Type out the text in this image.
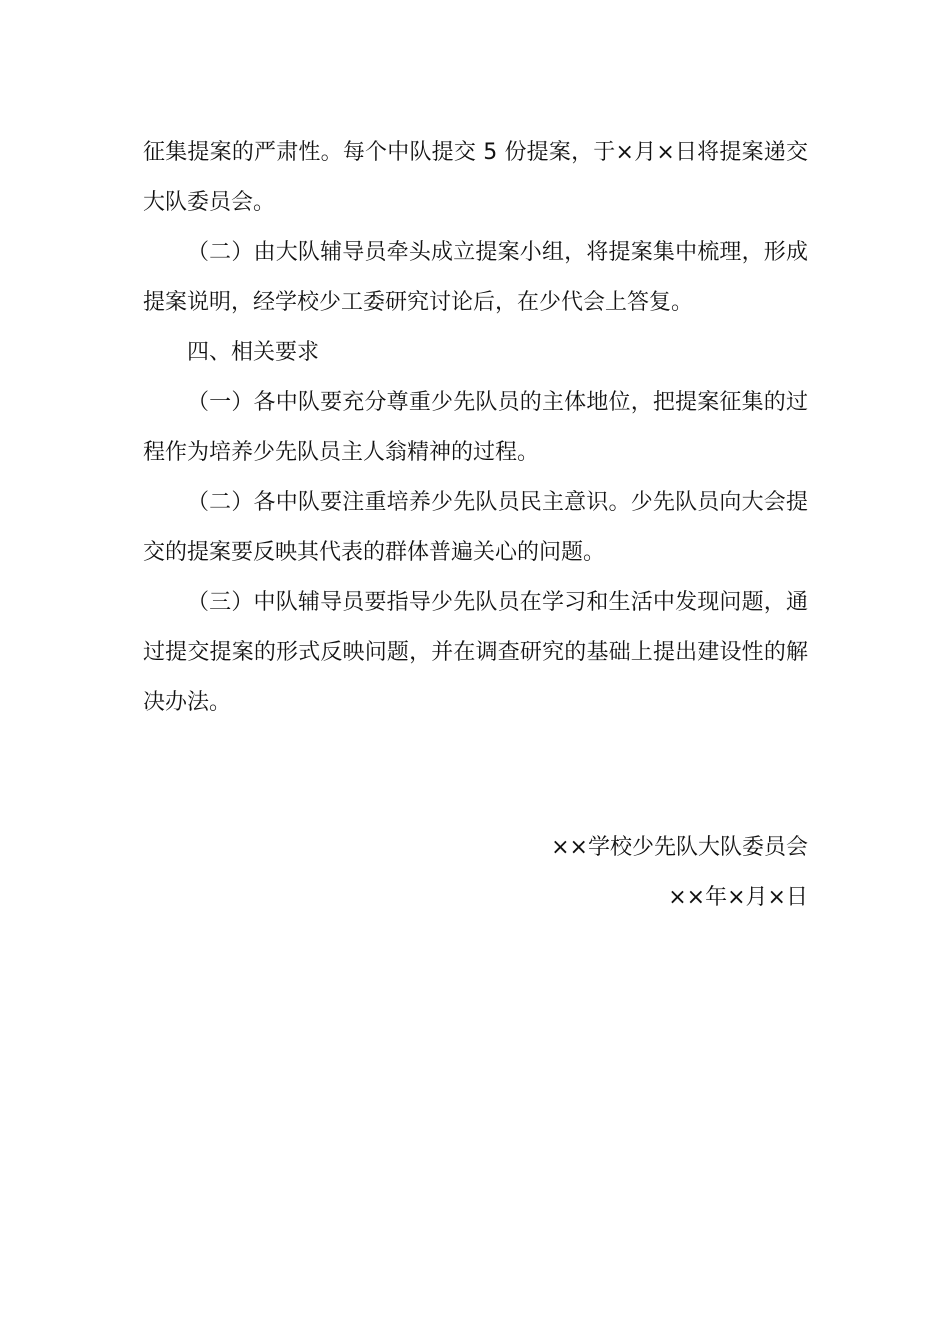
征集提案的严肃性。每个中队提交 5 份提案，于×月×日将提案递交大队委员会。

（二）由大队辅导员牵头成立提案小组，将提案集中梳理，形成提案说明，经学校少工委研究讨论后，在少代会上答复。

四、相关要求

（一）各中队要充分尊重少先队员的主体地位，把提案征集的过程作为培养少先队员主人翁精神的过程。

（二）各中队要注重培养少先队员民主意识。少先队员向大会提交的提案要反映其代表的群体普遍关心的问题。

（三）中队辅导员要指导少先队员在学习和生活中发现问题，通过提交提案的形式反映问题，并在调查研究的基础上提出建设性的解决办法。

××学校少先队大队委员会

××年×月×日
